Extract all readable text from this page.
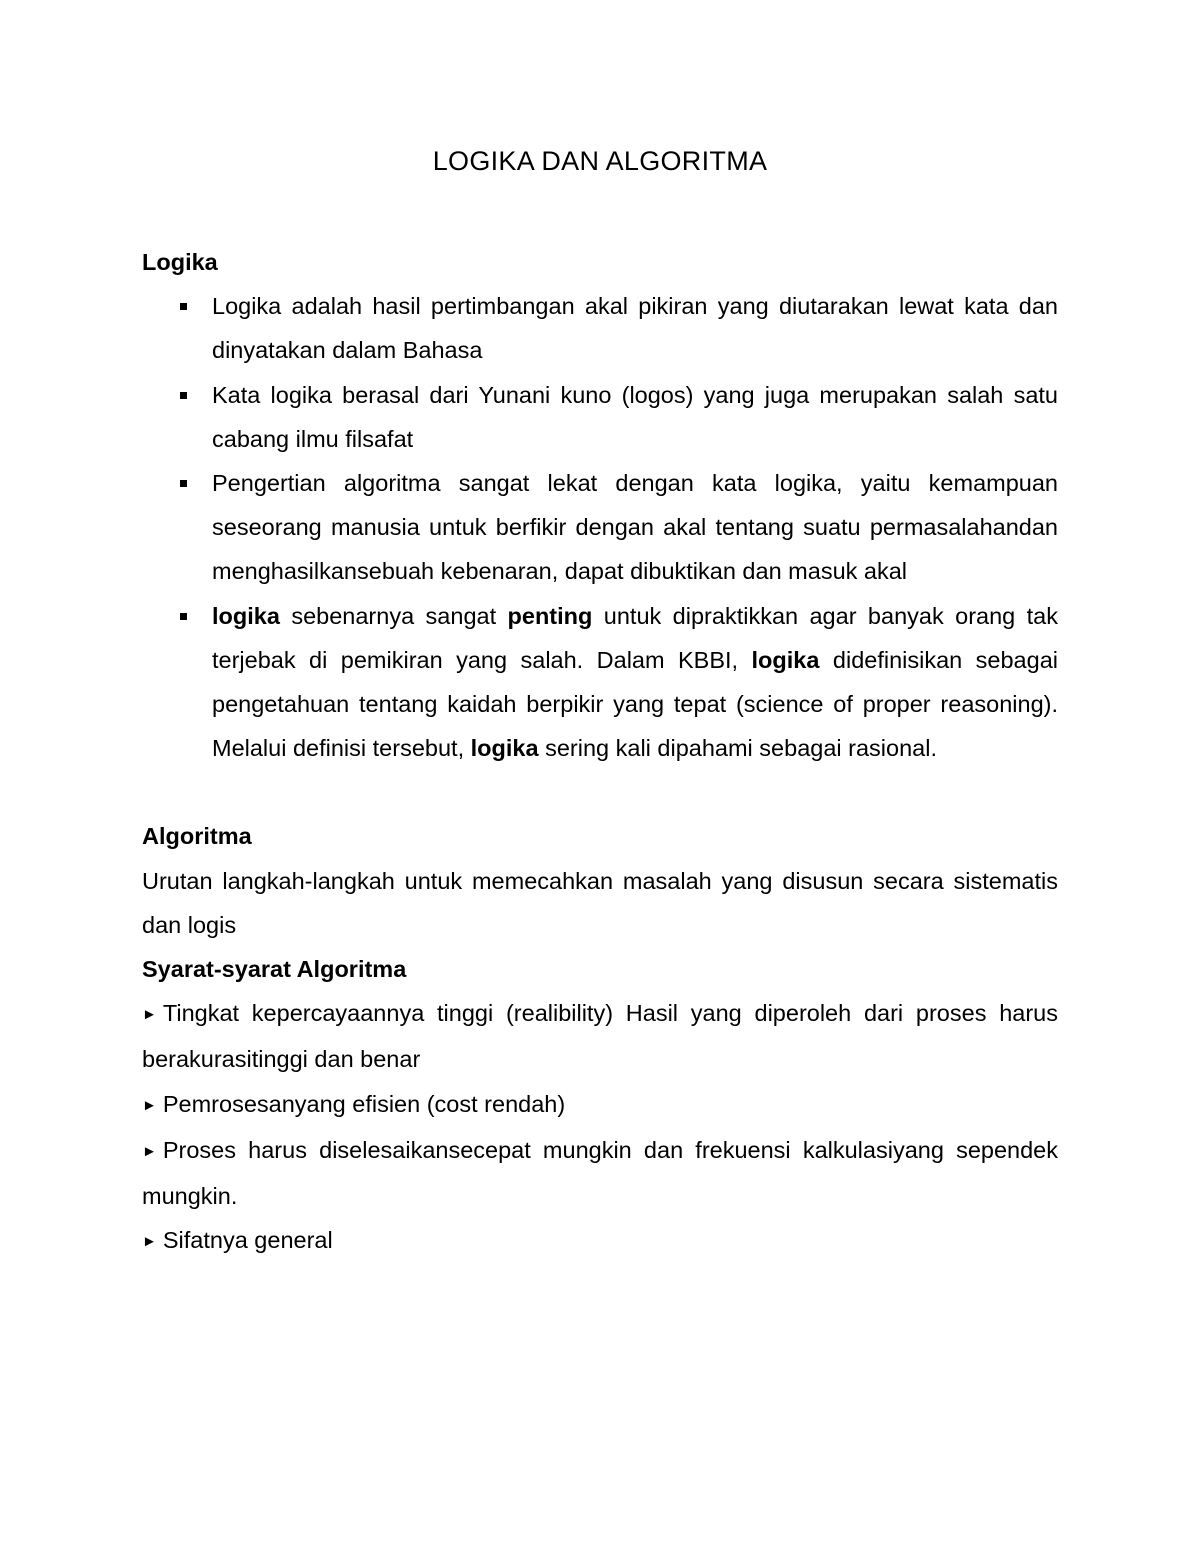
LOGIKA DAN ALGORITMA
Logika
Logika adalah hasil pertimbangan akal pikiran yang diutarakan lewat kata dan dinyatakan dalam Bahasa
Kata logika berasal dari Yunani kuno (logos) yang juga merupakan salah satu cabang ilmu filsafat
Pengertian algoritma sangat lekat dengan kata logika, yaitu kemampuan seseorang manusia untuk berfikir dengan akal tentang suatu permasalahandan menghasilkansebuah kebenaran, dapat dibuktikan dan masuk akal
logika sebenarnya sangat penting untuk dipraktikkan agar banyak orang tak terjebak di pemikiran yang salah. Dalam KBBI, logika didefinisikan sebagai pengetahuan tentang kaidah berpikir yang tepat (science of proper reasoning). Melalui definisi tersebut, logika sering kali dipahami sebagai rasional.
Algoritma

Urutan langkah-langkah untuk memecahkan masalah yang disusun secara sistematis dan logis

Syarat-syarat Algoritma

► Tingkat kepercayaannya tinggi (realibility) Hasil yang diperoleh dari proses harus berakurasitinggi dan benar

► Pemrosesanyang efisien (cost rendah)

► Proses harus diselesaikansecepat mungkin dan frekuensi kalkulasiyang sependek mungkin.

► Sifatnya general
